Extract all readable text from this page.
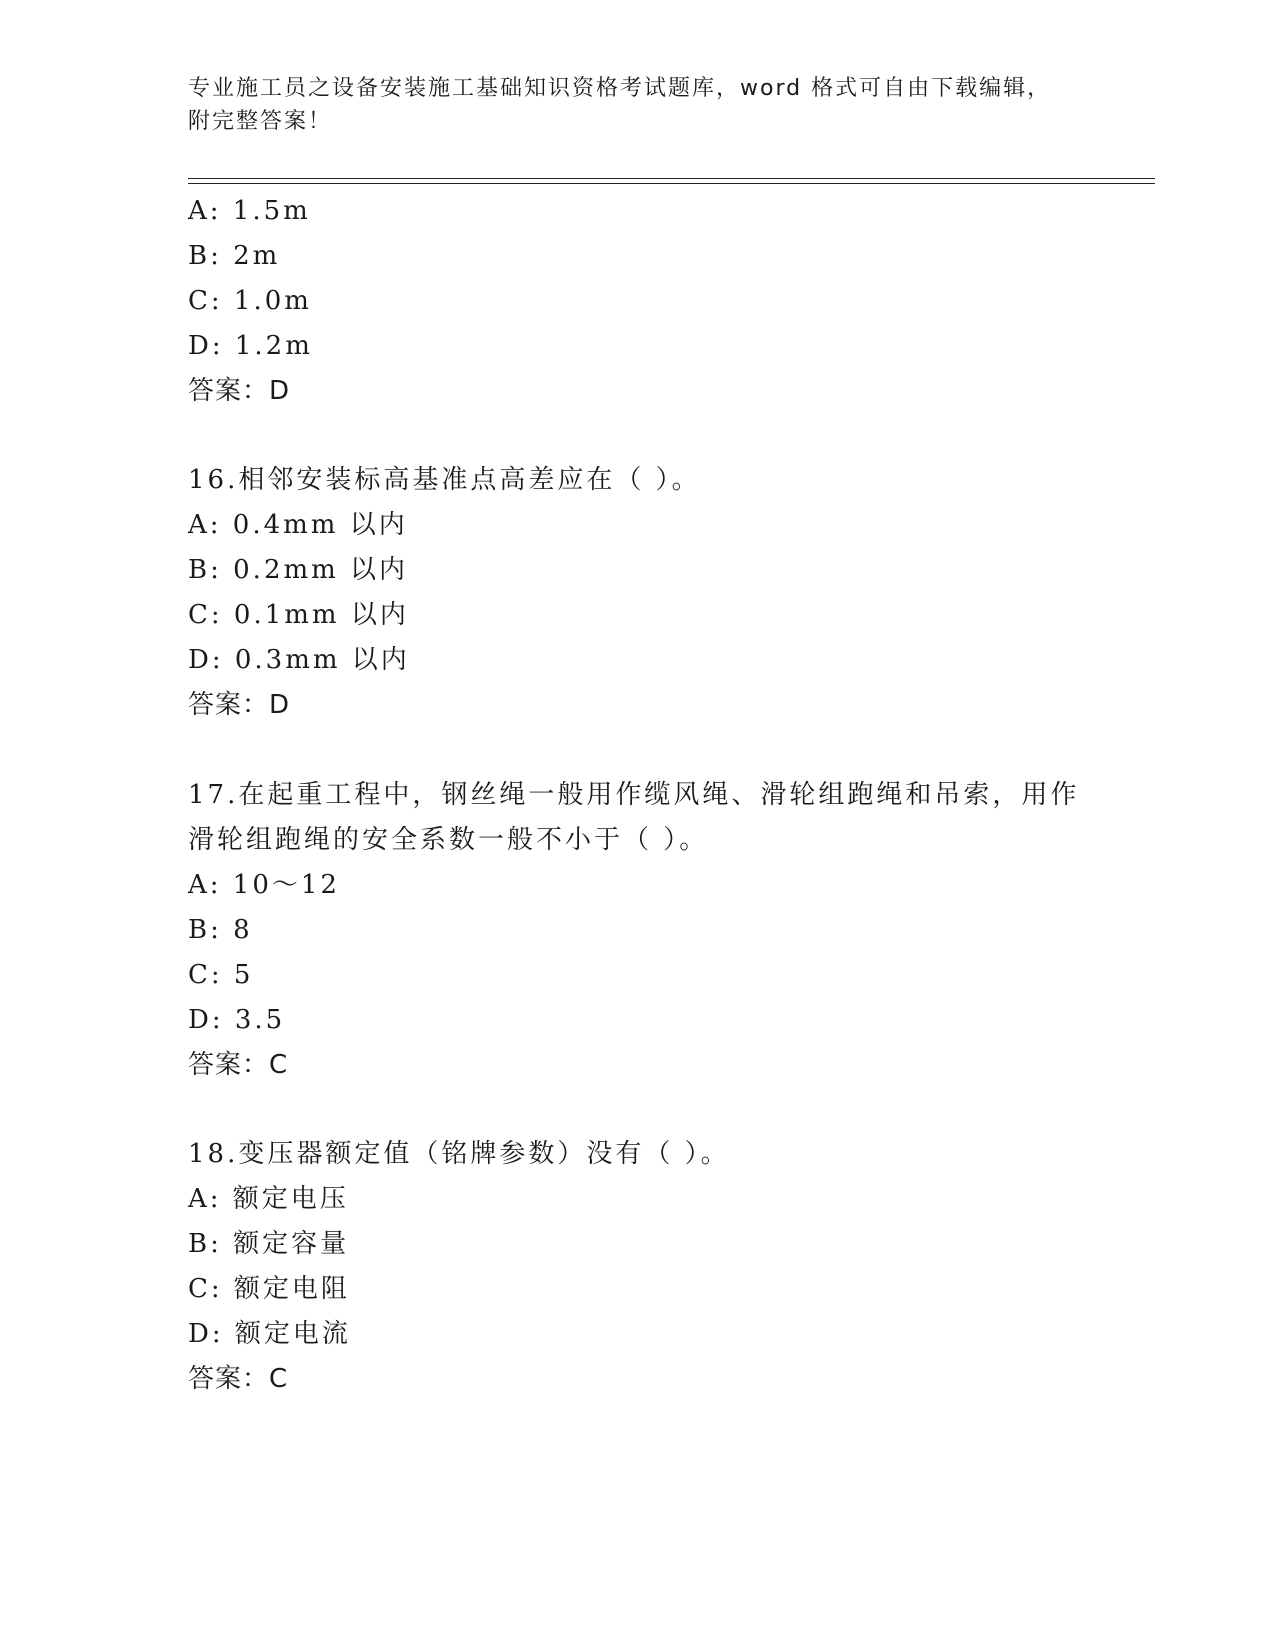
专业施工员之设备安装施工基础知识资格考试题库，word 格式可自由下载编辑，
附完整答案！
A: 1.5m
B: 2m
C: 1.0m
D: 1.2m
答案：D
16.相邻安装标高基准点高差应在（ ）。
A: 0.4mm 以内
B: 0.2mm 以内
C: 0.1mm 以内
D: 0.3mm 以内
答案：D
17.在起重工程中，钢丝绳一般用作缆风绳、滑轮组跑绳和吊索，用作
滑轮组跑绳的安全系数一般不小于（ ）。
A: 10～12
B: 8
C: 5
D: 3.5
答案：C
18.变压器额定值（铭牌参数）没有（ ）。
A: 额定电压
B: 额定容量
C: 额定电阻
D: 额定电流
答案：C
